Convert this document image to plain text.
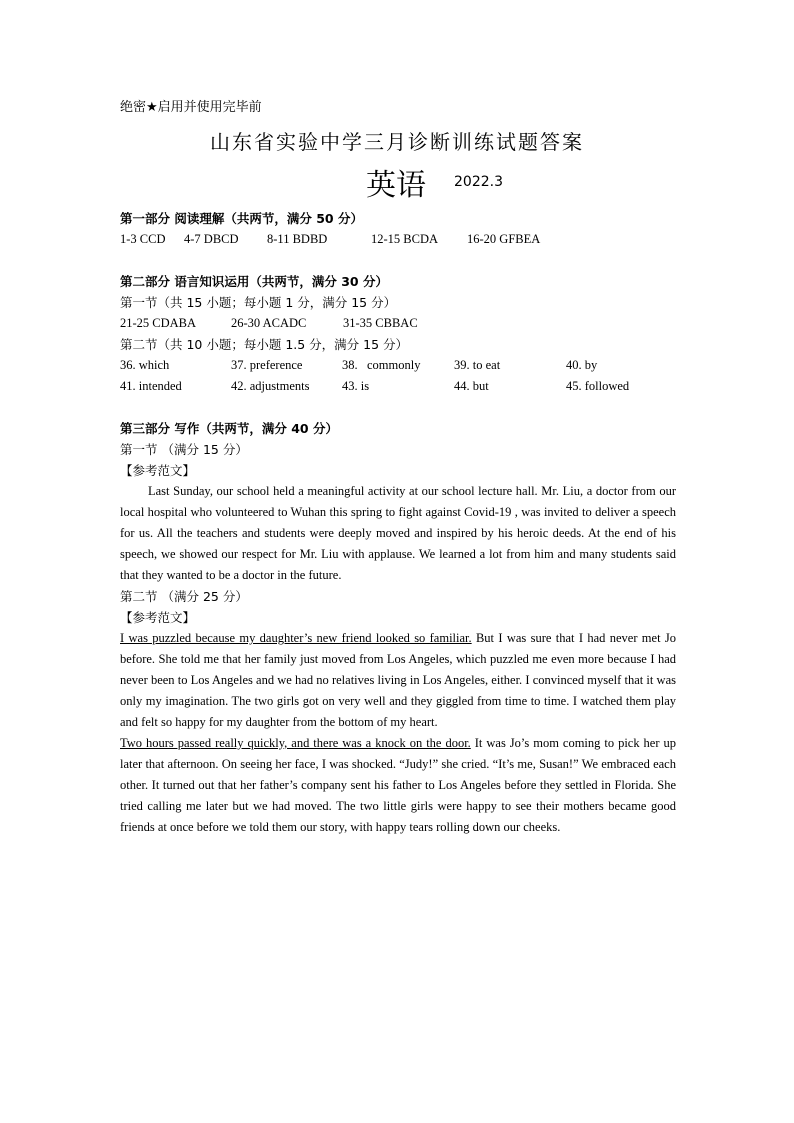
绝密★启用并使用完毕前
山东省实验中学三月诊断训练试题答案
英语 2022.3
第一部分 阅读理解（共两节，满分 50 分）
1-3 CCD	4-7 DBCD	8-11 BDBD	12-15 BCDA	16-20 GFBEA
第二部分 语言知识运用（共两节，满分 30 分）
第一节（共 15 小题；每小题 1 分，满分 15 分）
21-25 CDABA	26-30 ACADC	31-35 CBBAC
第二节（共 10 小题；每小题 1.5 分，满分 15 分）
36. which	37. preference	38.   commonly	39. to eat	40. by
41. intended	42. adjustments	43. is	44. but	45. followed
第三部分 写作（共两节，满分 40 分）
第一节 （满分 15 分）
【参考范文】
Last Sunday, our school held a meaningful activity at our school lecture hall. Mr. Liu, a doctor from our local hospital who volunteered to Wuhan this spring to fight against Covid-19 , was invited to deliver a speech for us. All the teachers and students were deeply moved and inspired by his heroic deeds. At the end of his speech, we showed our respect for Mr. Liu with applause. We learned a lot from him and many students said that they wanted to be a doctor in the future.
第二节 （满分 25 分）
【参考范文】
I was puzzled because my daughter’s new friend looked so familiar. But I was sure that I had never met Jo before. She told me that her family just moved from Los Angeles, which puzzled me even more because I had never been to Los Angeles and we had no relatives living in Los Angeles, either. I convinced myself that it was only my imagination. The two girls got on very well and they giggled from time to time. I watched them play and felt so happy for my daughter from the bottom of my heart.
Two hours passed really quickly, and there was a knock on the door. It was Jo’s mom coming to pick her up later that afternoon. On seeing her face, I was shocked. “Judy!” she cried. “It’s me, Susan!” We embraced each other. It turned out that her father’s company sent his father to Los Angeles before they settled in Florida. She tried calling me later but we had moved. The two little girls were happy to see their mothers became good friends at once before we told them our story, with happy tears rolling down our cheeks.
